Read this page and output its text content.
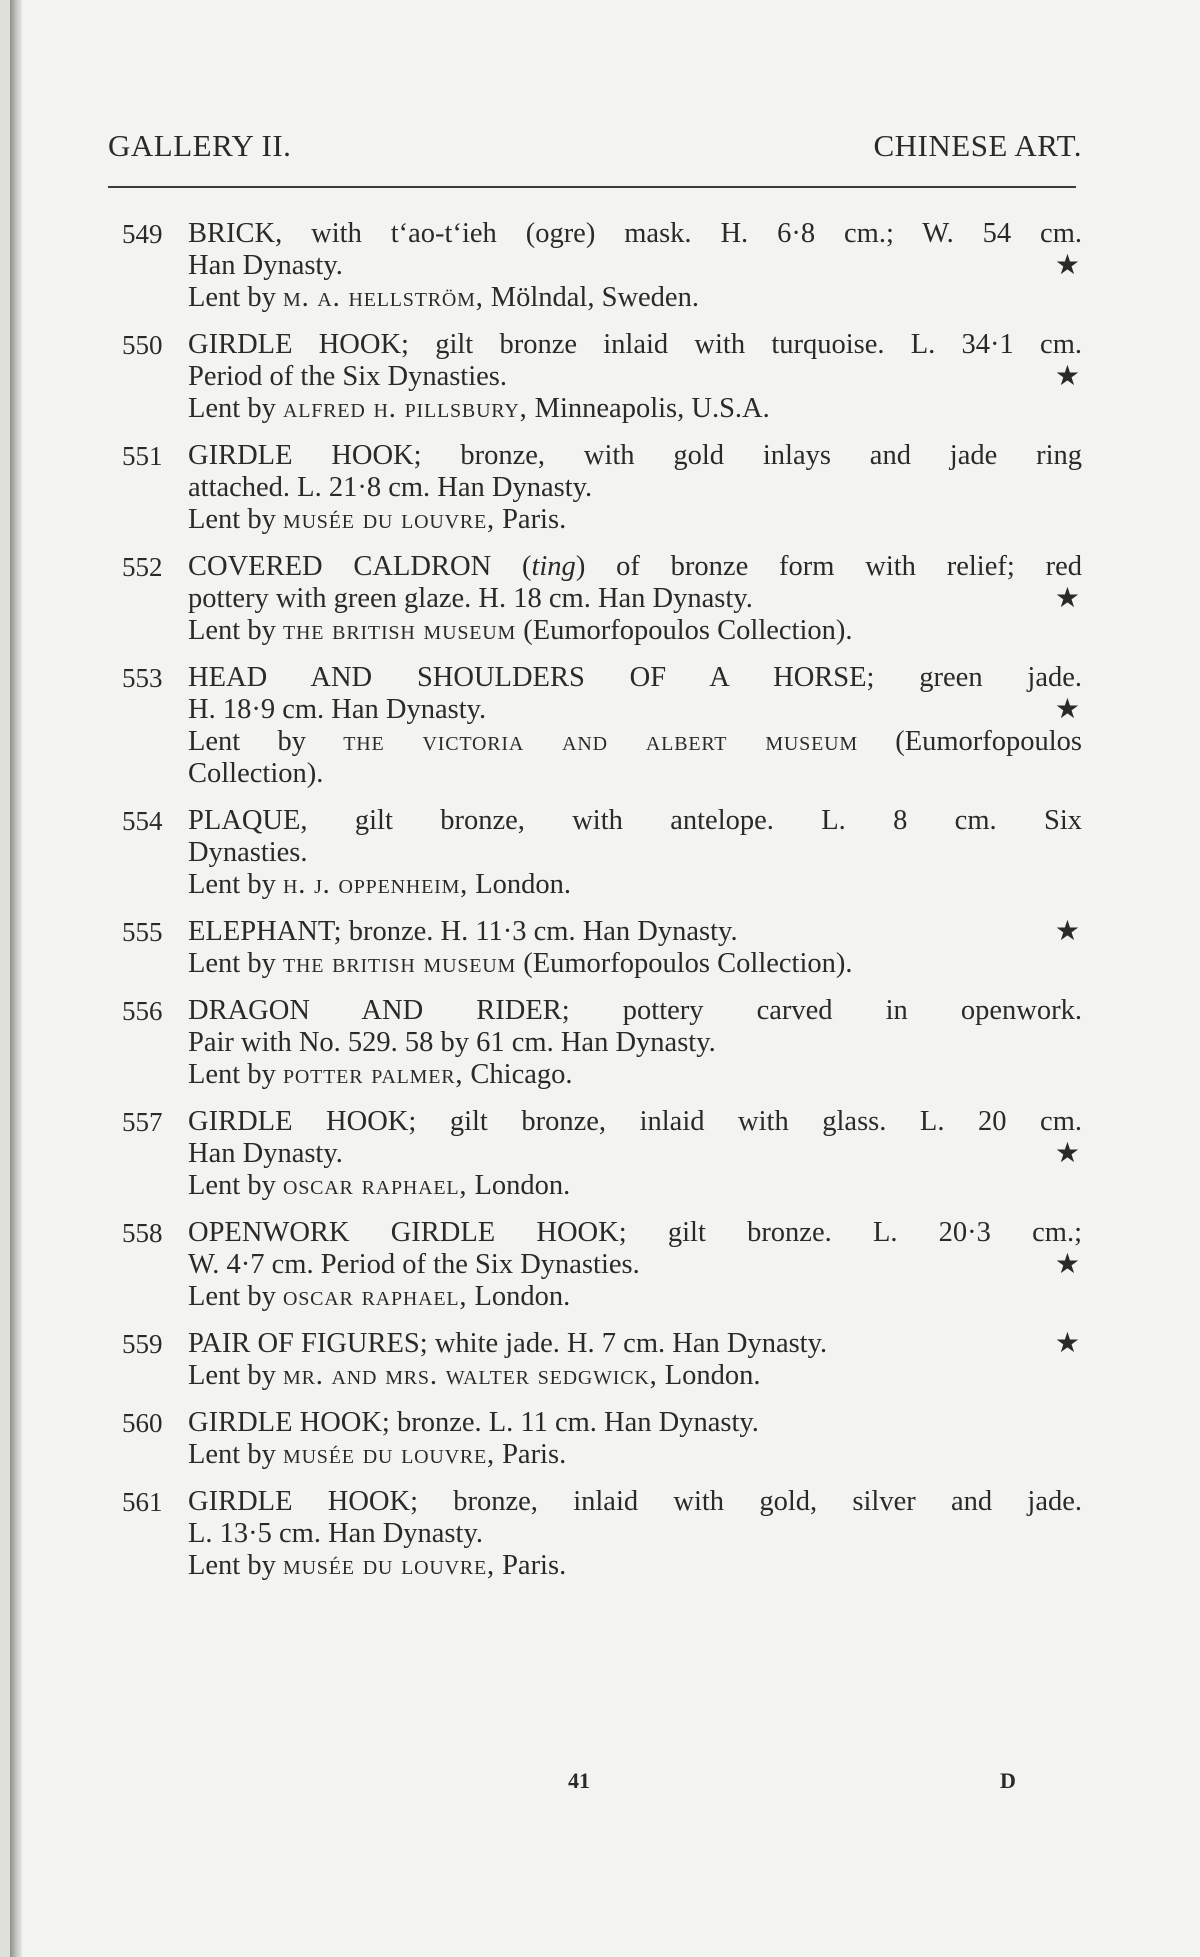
GALLERY II.	CHINESE ART.
549 BRICK, with t‘ao-t‘ieh (ogre) mask. H. 6·8 cm.; W. 54 cm.
Han Dynasty.	★
Lent by m. a. hellström, Mölndal, Sweden.
550 GIRDLE HOOK; gilt bronze inlaid with turquoise. L. 34·1 cm.
Period of the Six Dynasties.	★
Lent by alfred h. pillsbury, Minneapolis, U.S.A.
551 GIRDLE HOOK; bronze, with gold inlays and jade ring
attached. L. 21·8 cm. Han Dynasty.
Lent by musée du louvre, Paris.
552 COVERED CALDRON (ting) of bronze form with relief; red
pottery with green glaze. H. 18 cm. Han Dynasty.	★
Lent by the british museum (Eumorfopoulos Collection).
553 HEAD AND SHOULDERS OF A HORSE; green jade.
H. 18·9 cm. Han Dynasty.	★
Lent by the victoria and albert museum (Eumorfopoulos
Collection).
554 PLAQUE, gilt bronze, with antelope. L. 8 cm. Six
Dynasties.
Lent by h. j. oppenheim, London.
555 ELEPHANT; bronze. H. 11·3 cm. Han Dynasty.	★
Lent by the british museum (Eumorfopoulos Collection).
556 DRAGON AND RIDER; pottery carved in openwork.
Pair with No. 529. 58 by 61 cm. Han Dynasty.
Lent by potter palmer, Chicago.
557 GIRDLE HOOK; gilt bronze, inlaid with glass. L. 20 cm.
Han Dynasty.	★
Lent by oscar raphael, London.
558 OPENWORK GIRDLE HOOK; gilt bronze. L. 20·3 cm.;
W. 4·7 cm. Period of the Six Dynasties.	★
Lent by oscar raphael, London.
559 PAIR OF FIGURES; white jade. H. 7 cm. Han Dynasty.	★
Lent by mr. and mrs. walter sedgwick, London.
560 GIRDLE HOOK; bronze. L. 11 cm. Han Dynasty.
Lent by musée du louvre, Paris.
561 GIRDLE HOOK; bronze, inlaid with gold, silver and jade.
L. 13·5 cm. Han Dynasty.
Lent by musée du louvre, Paris.
41	D
